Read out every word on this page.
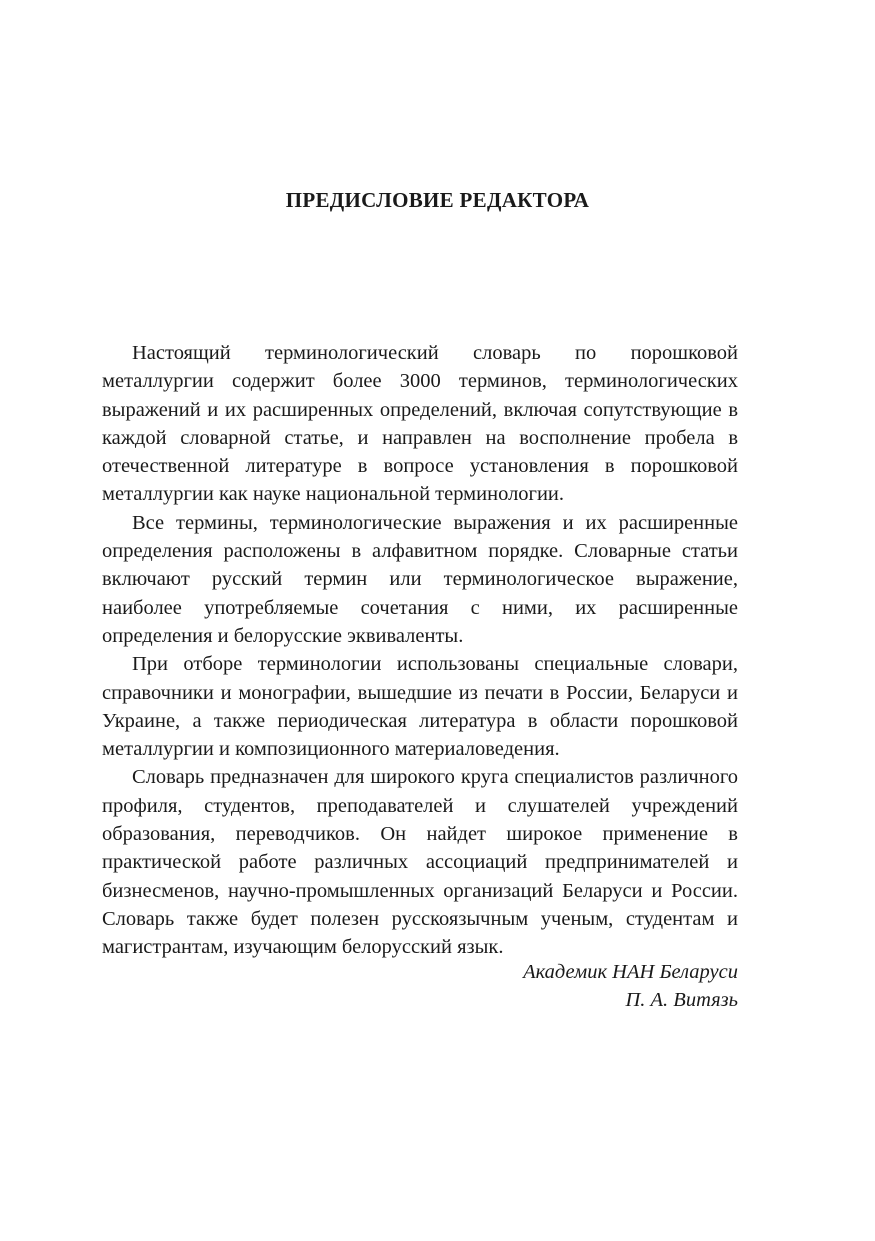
ПРЕДИСЛОВИЕ РЕДАКТОРА

Настоящий терминологический словарь по порошковой металлургии содержит более 3000 терминов, терминологических выражений и их расширенных определений, включая сопутствующие в каждой словарной статье, и направлен на восполнение пробела в отечественной литературе в вопросе установления в порошковой металлургии как науке национальной терминологии.

Все термины, терминологические выражения и их расширенные определения расположены в алфавитном порядке. Словарные статьи включают русский термин или терминологическое выражение, наиболее употребляемые сочетания с ними, их расширенные определения и белорусские эквиваленты.

При отборе терминологии использованы специальные словари, справочники и монографии, вышедшие из печати в России, Беларуси и Украине, а также периодическая литература в области порошковой металлургии и композиционного материаловедения.

Словарь предназначен для широкого круга специалистов различного профиля, студентов, преподавателей и слушателей учреждений образования, переводчиков. Он найдет широкое применение в практической работе различных ассоциаций предпринимателей и бизнесменов, научно-промышленных организаций Беларуси и России. Словарь также будет полезен русскоязычным ученым, студентам и магистрантам, изучающим белорусский язык.

Академик НАН Беларуси
П. А. Витязь
